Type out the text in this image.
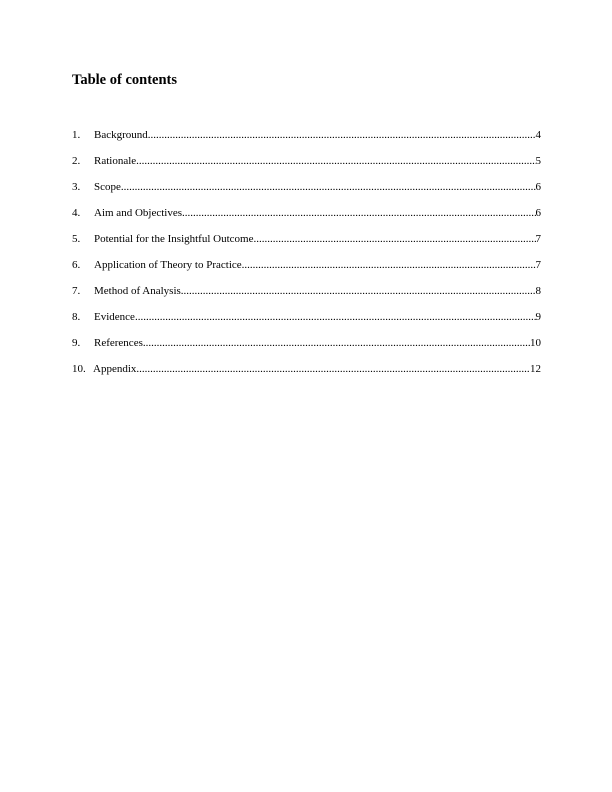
Table of contents
1.	Background .....	4
2.	Rationale .....	5
3.	Scope .....	6
4.	Aim and Objectives .....	6
5.	Potential for the Insightful Outcome .....	7
6.	Application of Theory to Practice .....	7
7.	Method of Analysis .....	8
8.	Evidence .....	9
9.	References .....	10
10. Appendix .....	12
